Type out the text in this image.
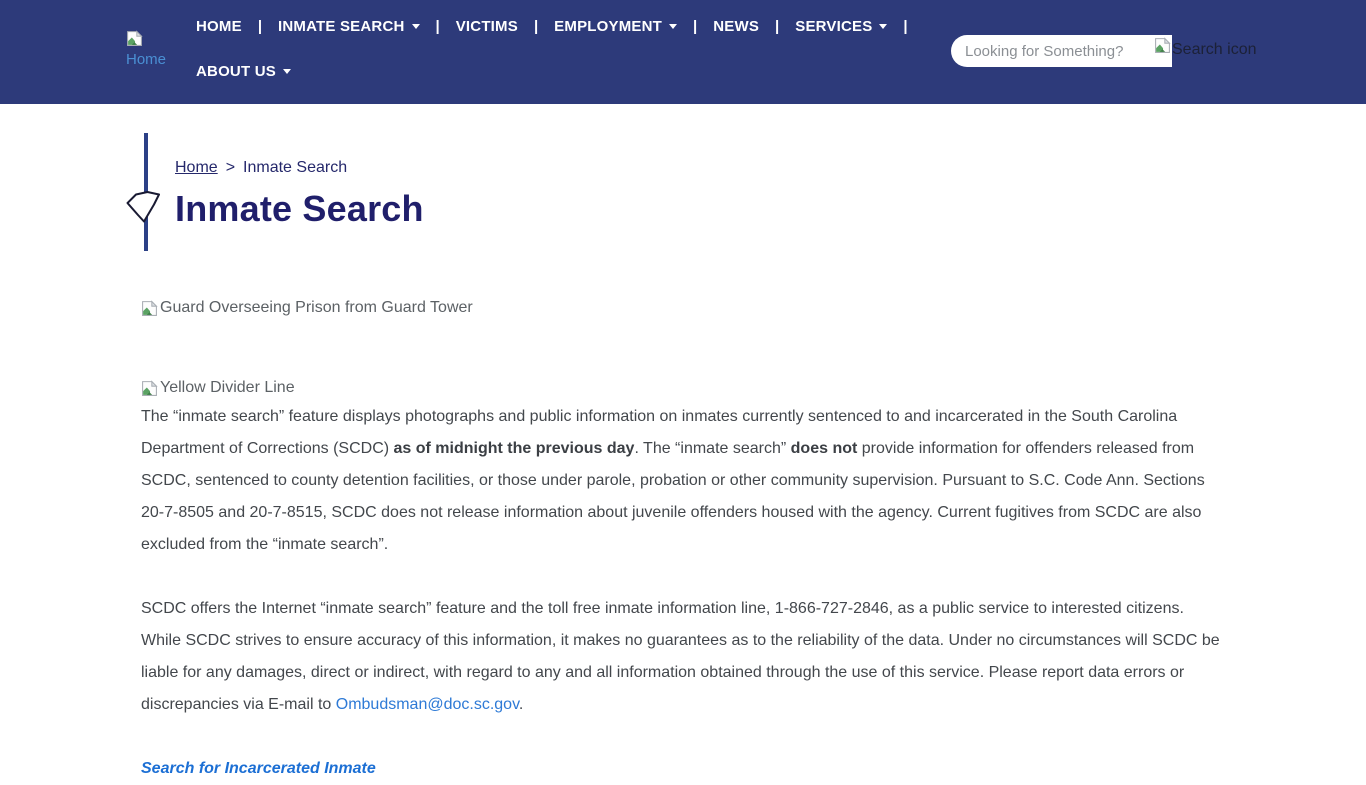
Home
HOME	|	INMATE SEARCH	|	VICTIMS	|	EMPLOYMENT	|	NEWS	|	SERVICES	|
ABOUT US
Looking for Something?
Search icon
Home > Inmate Search
Inmate Search
Guard Overseeing Prison from Guard Tower
Yellow Divider Line

The “inmate search” feature displays photographs and public information on inmates currently sentenced to and incarcerated in the South Carolina Department of Corrections (SCDC) as of midnight the previous day. The “inmate search” does not provide information for offenders released from SCDC, sentenced to county detention facilities, or those under parole, probation or other community supervision. Pursuant to S.C. Code Ann. Sections 20-7-8505 and 20-7-8515, SCDC does not release information about juvenile offenders housed with the agency. Current fugitives from SCDC are also excluded from the “inmate search”.

SCDC offers the Internet “inmate search” feature and the toll free inmate information line, 1-866-727-2846, as a public service to interested citizens. While SCDC strives to ensure accuracy of this information, it makes no guarantees as to the reliability of the data. Under no circumstances will SCDC be liable for any damages, direct or indirect, with regard to any and all information obtained through the use of this service. Please report data errors or discrepancies via E-mail to Ombudsman@doc.sc.gov.

Search for Incarcerated Inmate
